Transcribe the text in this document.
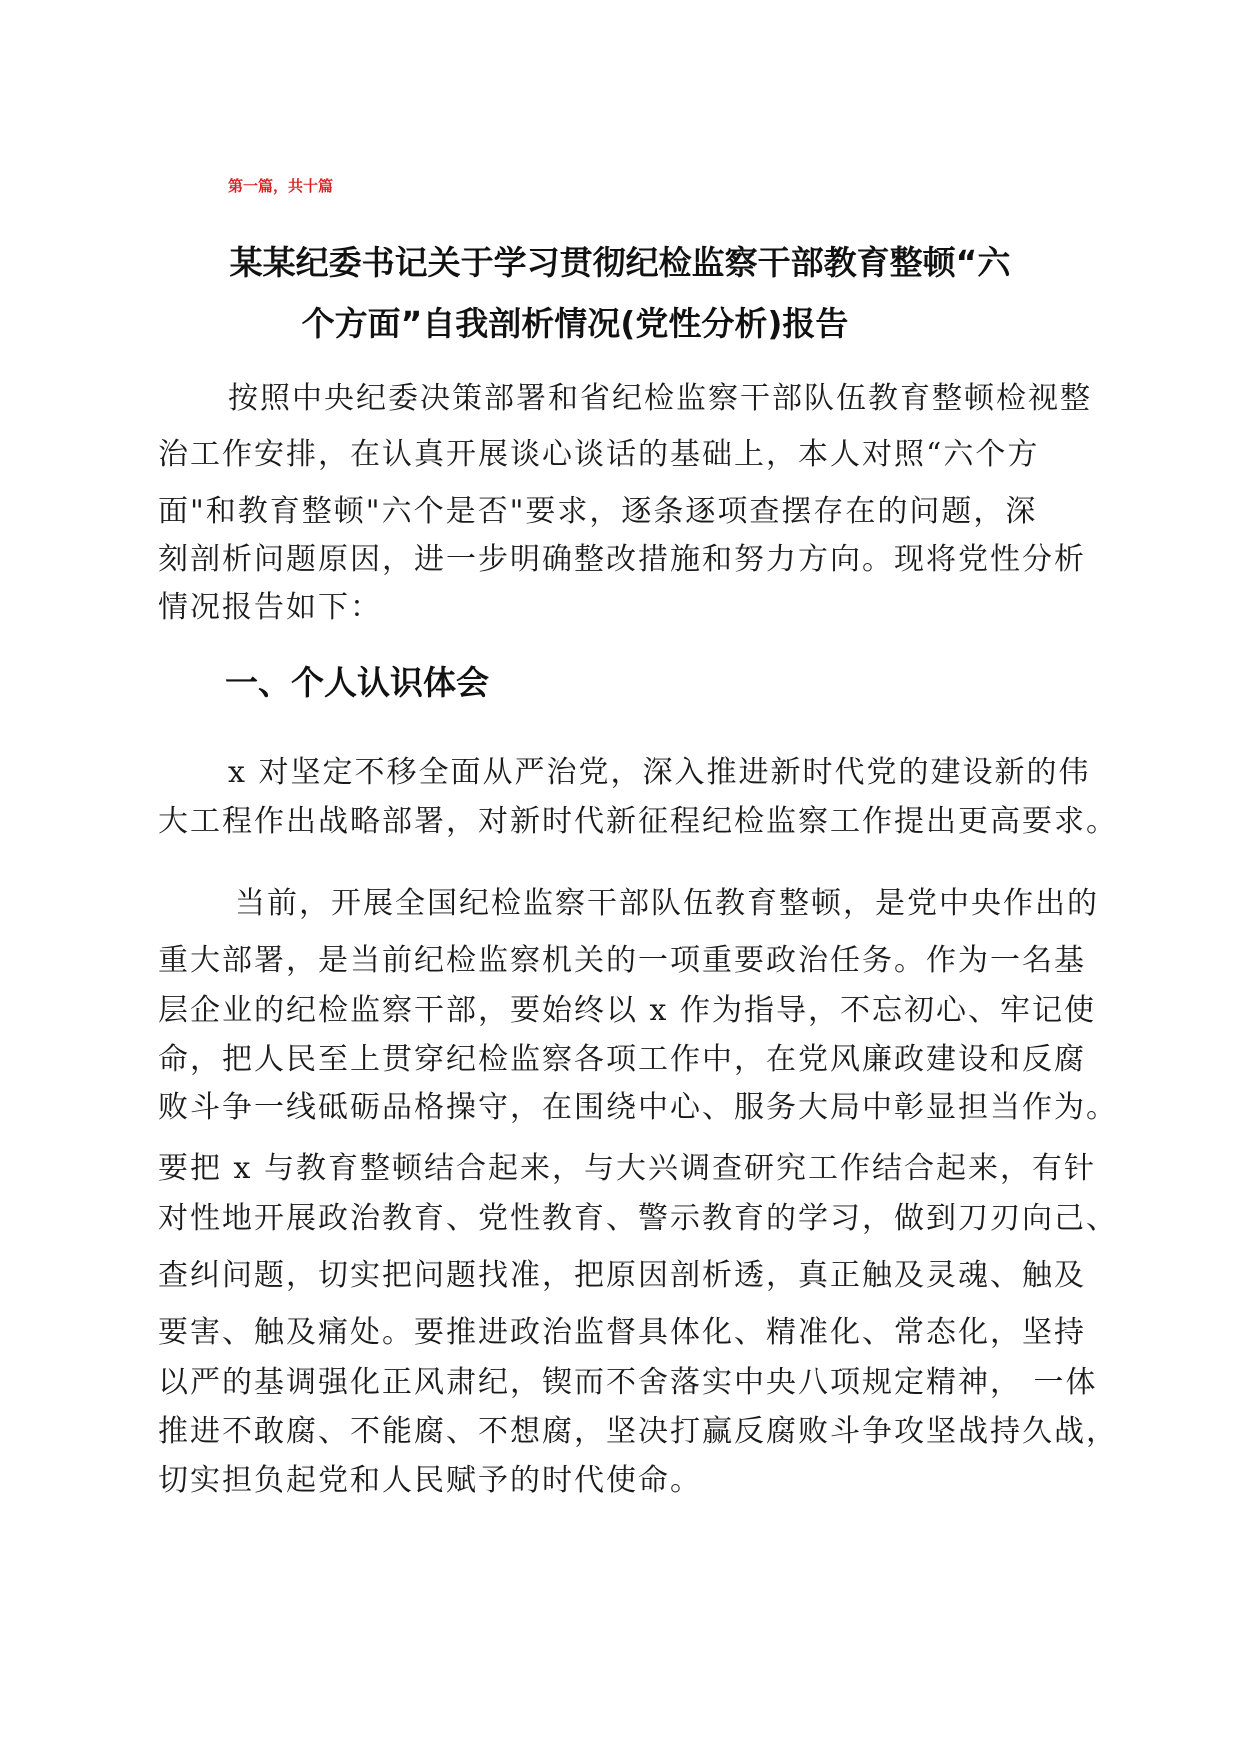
第一篇，共十篇
某某纪委书记关于学习贯彻纪检监察干部教育整顿“六
个方面”自我剖析情况(党性分析)报告
按照中央纪委决策部署和省纪检监察干部队伍教育整顿检视整
治工作安排，在认真开展谈心谈话的基础上，本人对照“六个方
面"和教育整顿"六个是否"要求，逐条逐项查摆存在的问题，深
刻剖析问题原因，进一步明确整改措施和努力方向。现将党性分析
情况报告如下：
一、个人认识体会
x 对坚定不移全面从严治党，深入推进新时代党的建设新的伟
大工程作出战略部署，对新时代新征程纪检监察工作提出更高要求。
当前，开展全国纪检监察干部队伍教育整顿，是党中央作出的
重大部署，是当前纪检监察机关的一项重要政治任务。作为一名基
层企业的纪检监察干部，要始终以 x 作为指导，不忘初心、牢记使
命，把人民至上贯穿纪检监察各项工作中，在党风廉政建设和反腐
败斗争一线砥砺品格操守，在围绕中心、服务大局中彰显担当作为。
要把 x 与教育整顿结合起来，与大兴调查研究工作结合起来，有针
对性地开展政治教育、党性教育、警示教育的学习，做到刀刃向己、
查纠问题，切实把问题找准，把原因剖析透，真正触及灵魂、触及
要害、触及痛处。要推进政治监督具体化、精准化、常态化，坚持
以严的基调强化正风肃纪，锲而不舍落实中央八项规定精神， 一体
推进不敢腐、不能腐、不想腐，坚决打赢反腐败斗争攻坚战持久战，
切实担负起党和人民赋予的时代使命。
